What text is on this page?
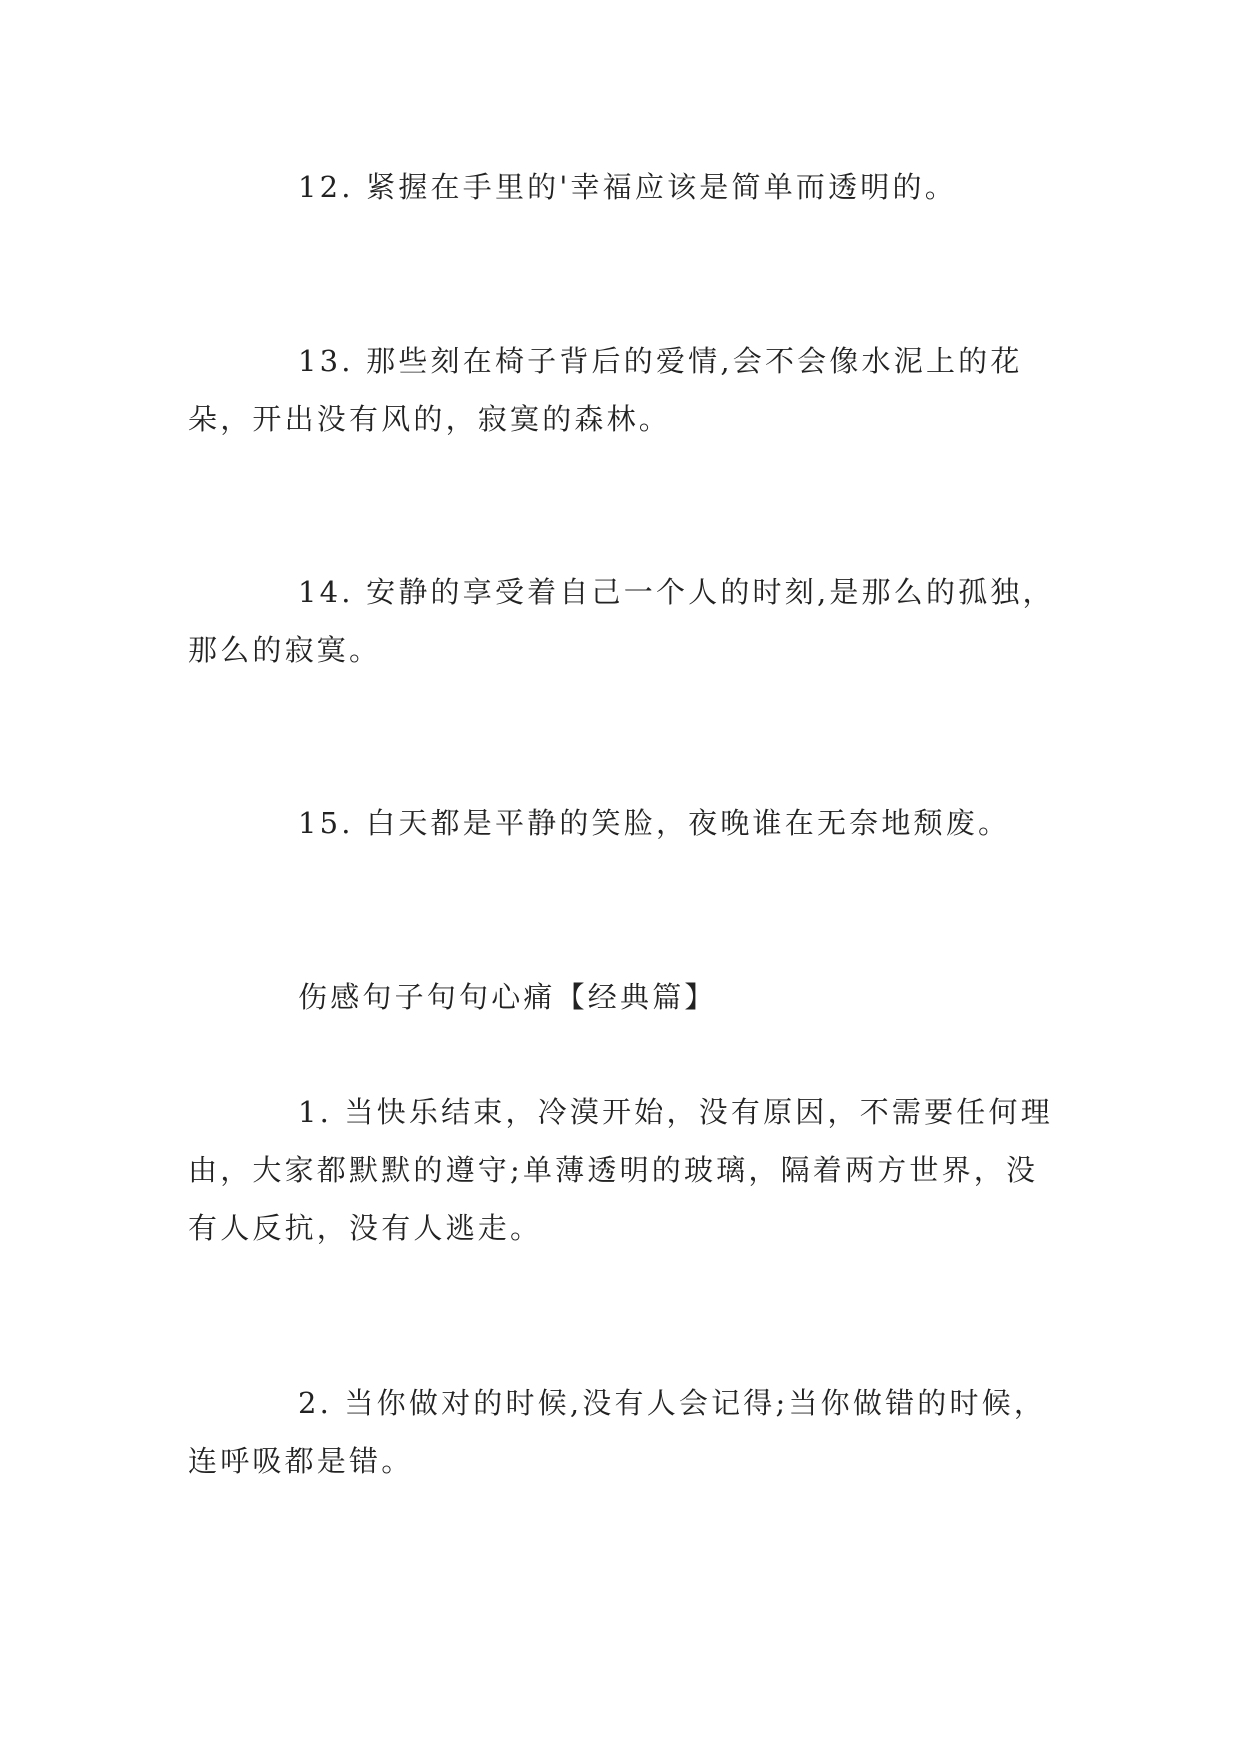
12. 紧握在手里的'幸福应该是简单而透明的。

13. 那些刻在椅子背后的爱情,会不会像水泥上的花朵，开出没有风的，寂寞的森林。

14. 安静的享受着自己一个人的时刻,是那么的孤独，那么的寂寞。

15. 白天都是平静的笑脸，夜晚谁在无奈地颓废。

伤感句子句句心痛【经典篇】

1. 当快乐结束，冷漠开始，没有原因，不需要任何理由，大家都默默的遵守;单薄透明的玻璃，隔着两方世界，没有人反抗，没有人逃走。

2. 当你做对的时候,没有人会记得;当你做错的时候，连呼吸都是错。
